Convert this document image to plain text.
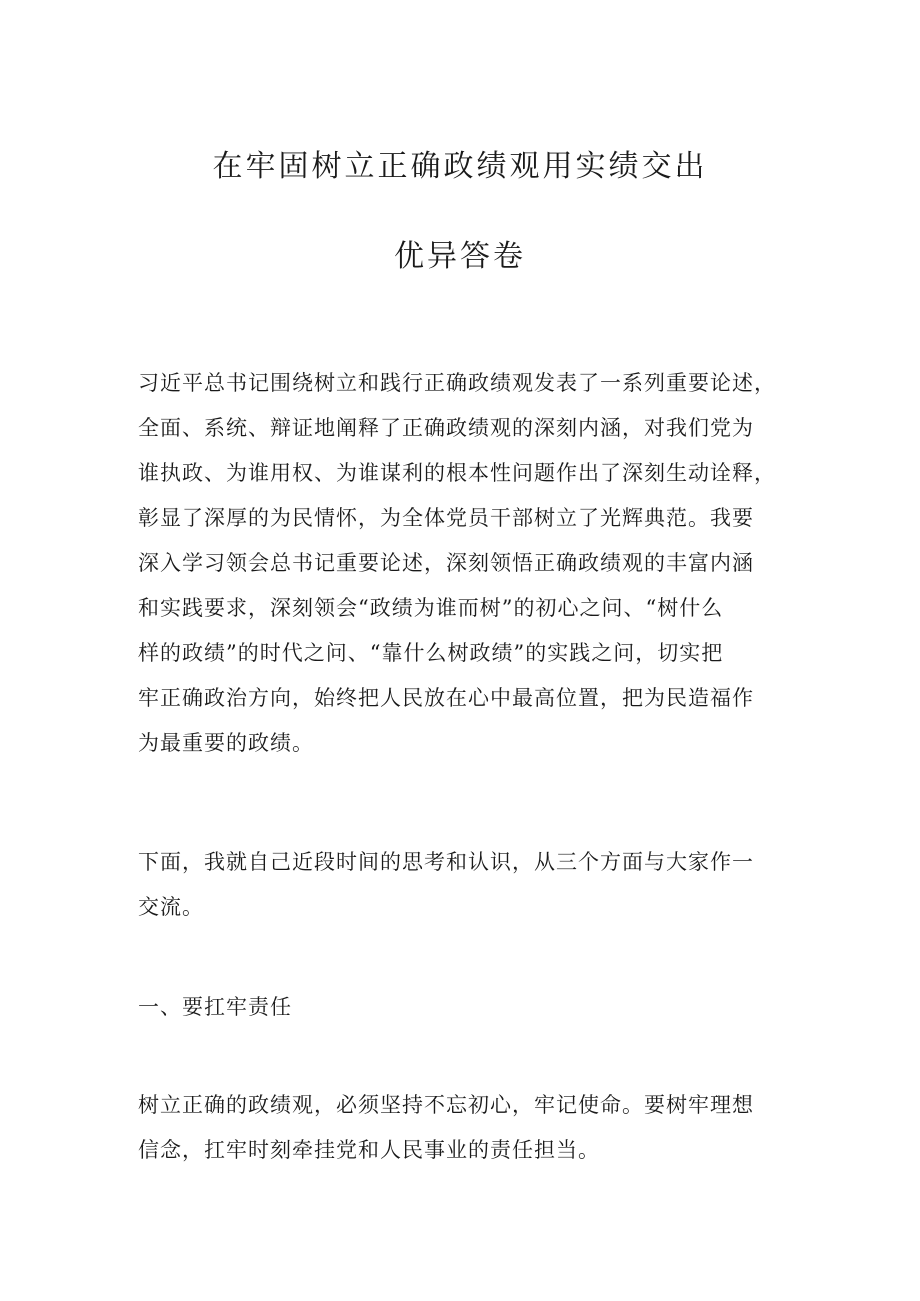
在牢固树立正确政绩观用实绩交出
优异答卷

习近平总书记围绕树立和践行正确政绩观发表了一系列重要论述，
全面、系统、辩证地阐释了正确政绩观的深刻内涵，对我们党为
谁执政、为谁用权、为谁谋利的根本性问题作出了深刻生动诠释，
彰显了深厚的为民情怀，为全体党员干部树立了光辉典范。我要
深入学习领会总书记重要论述，深刻领悟正确政绩观的丰富内涵
和实践要求，深刻领会“政绩为谁而树”的初心之问、“树什么
样的政绩”的时代之问、“靠什么树政绩”的实践之问，切实把
牢正确政治方向，始终把人民放在心中最高位置，把为民造福作
为最重要的政绩。

下面，我就自己近段时间的思考和认识，从三个方面与大家作一
交流。

一、要扛牢责任

树立正确的政绩观，必须坚持不忘初心，牢记使命。要树牢理想
信念，扛牢时刻牵挂党和人民事业的责任担当。
